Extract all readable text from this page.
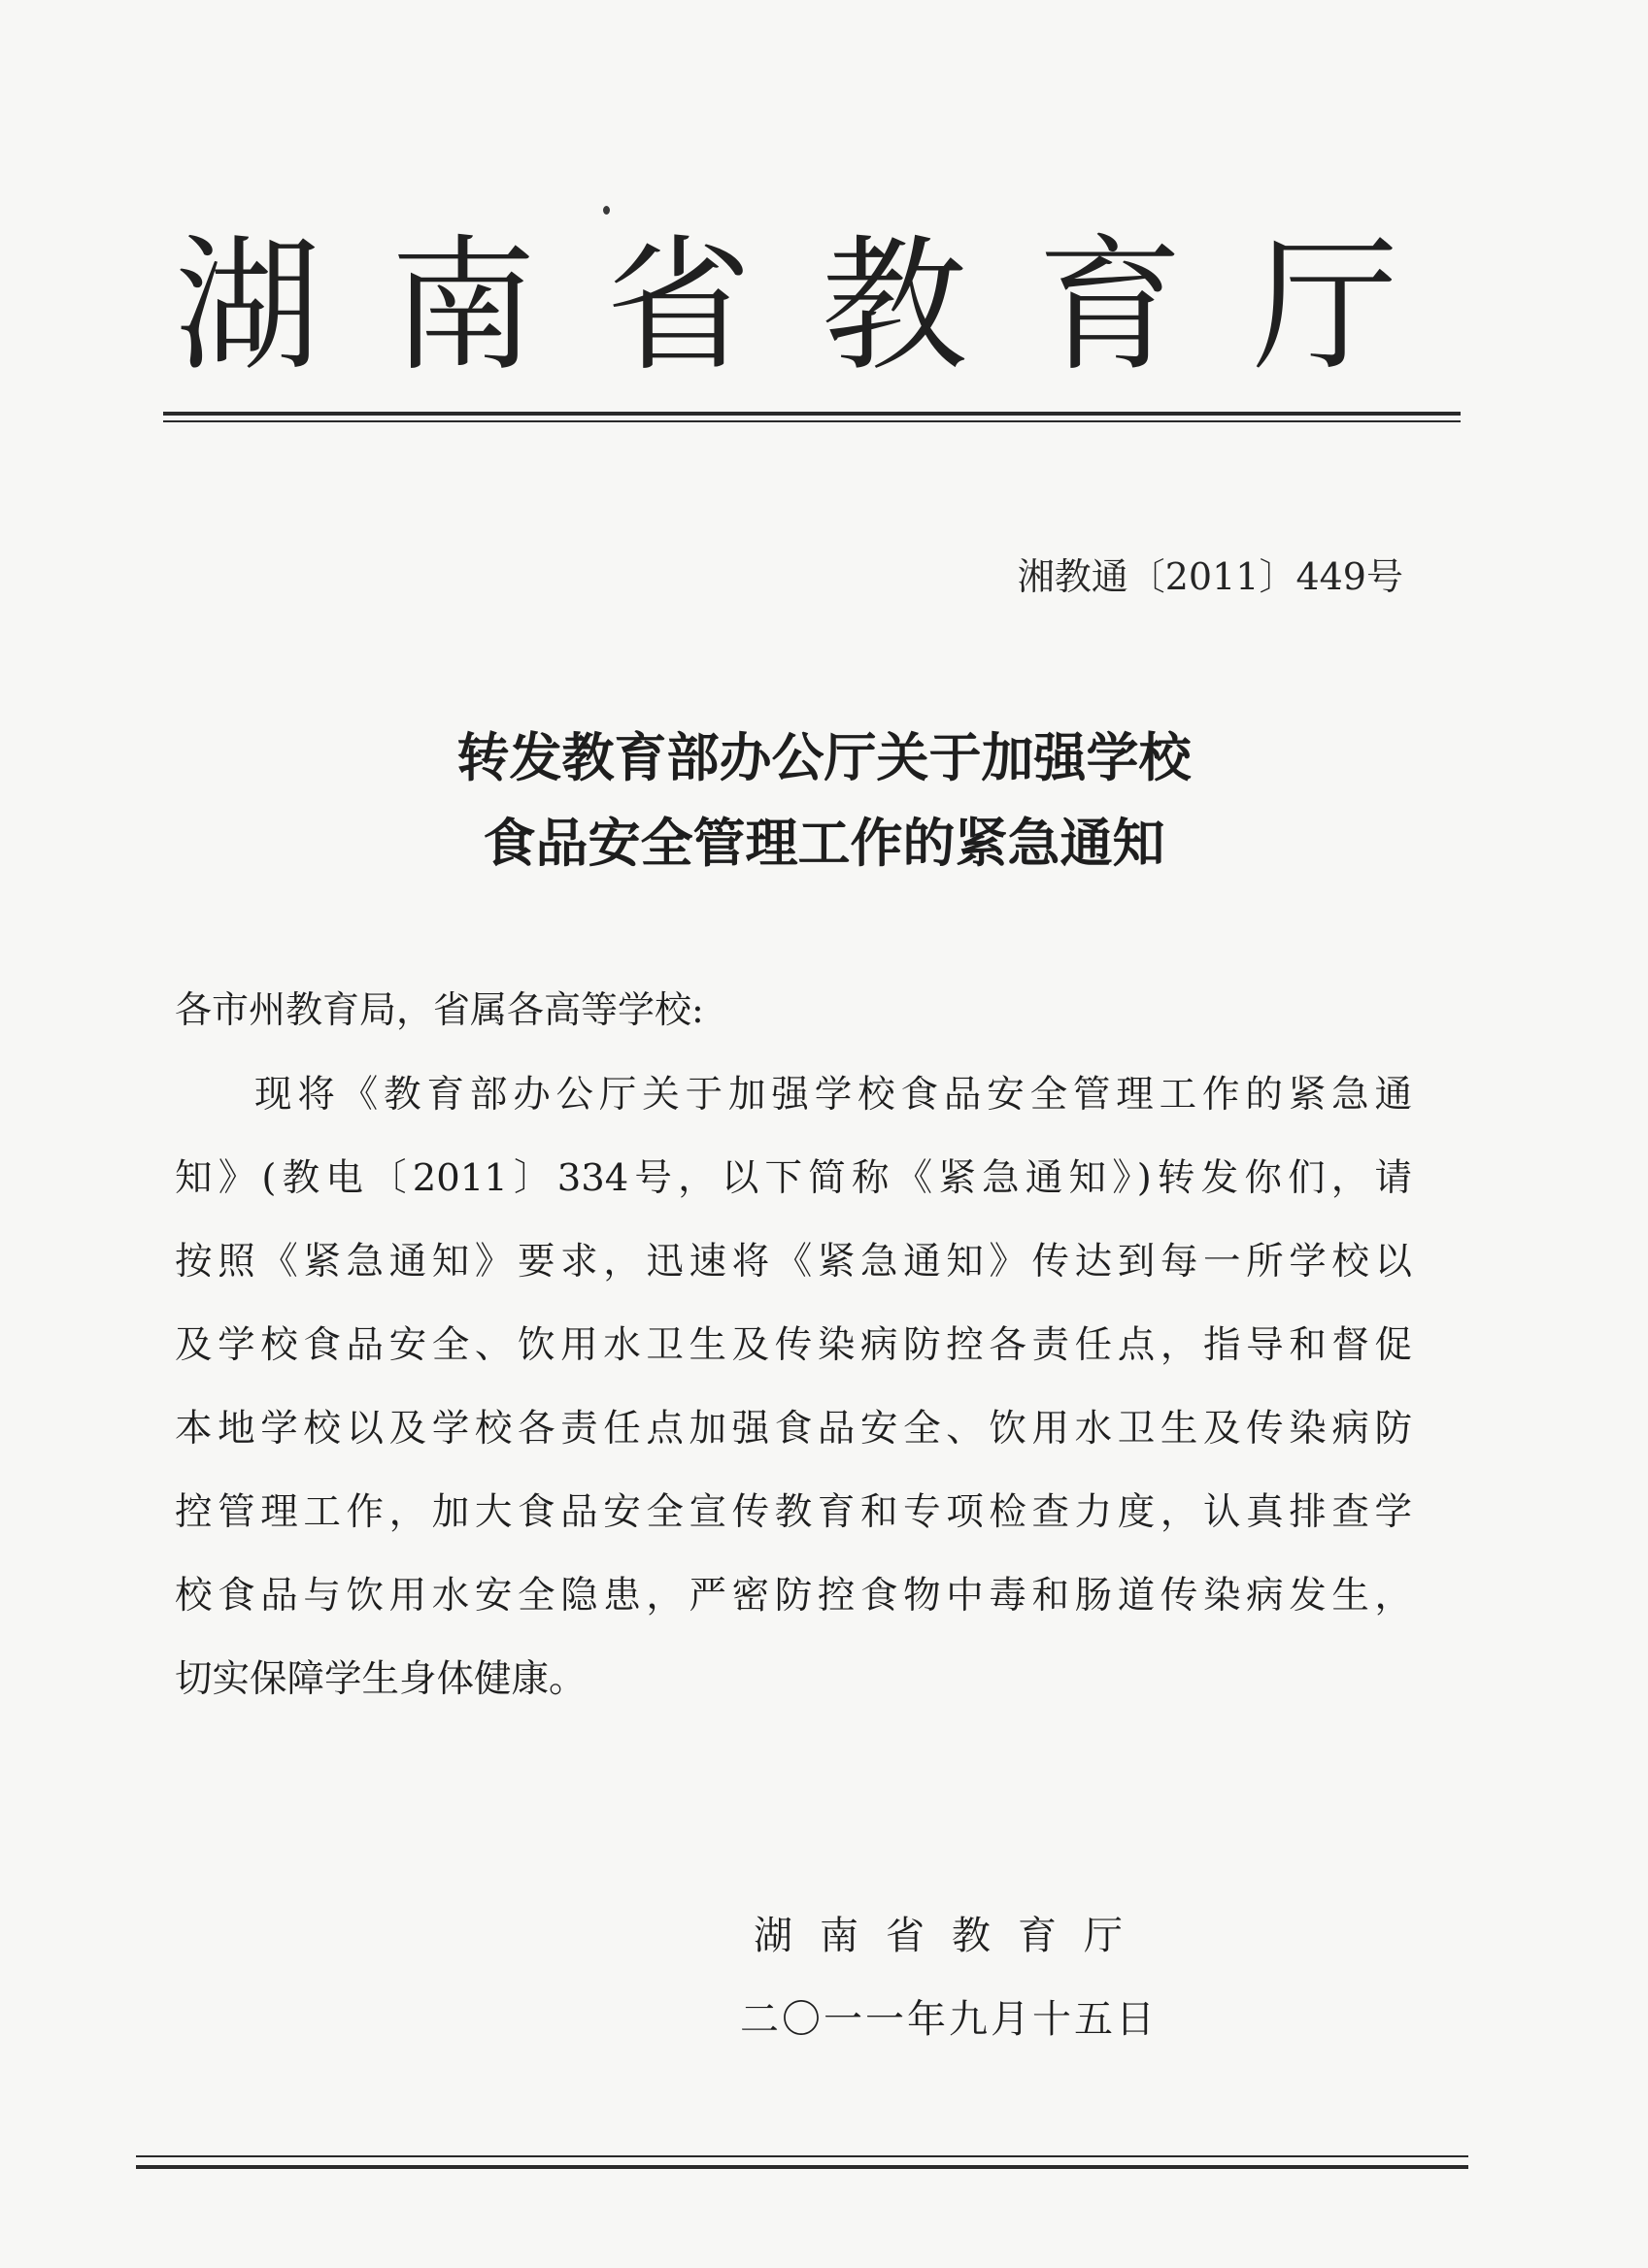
湖 南 省 教 育 厅
湘教通〔2011〕449号
转发教育部办公厅关于加强学校
食品安全管理工作的紧急通知
各市州教育局，省属各高等学校:
现将《教育部办公厅关于加强学校食品安全管理工作的紧急通
知》(教电〔2011〕334号，以下简称《紧急通知》)转发你们，请
按照《紧急通知》要求，迅速将《紧急通知》传达到每一所学校以
及学校食品安全、饮用水卫生及传染病防控各责任点，指导和督促
本地学校以及学校各责任点加强食品安全、饮用水卫生及传染病防
控管理工作，加大食品安全宣传教育和专项检查力度，认真排查学
校食品与饮用水安全隐患，严密防控食物中毒和肠道传染病发生，
切实保障学生身体健康。
湖 南 省 教 育 厅
二〇一一年九月十五日
